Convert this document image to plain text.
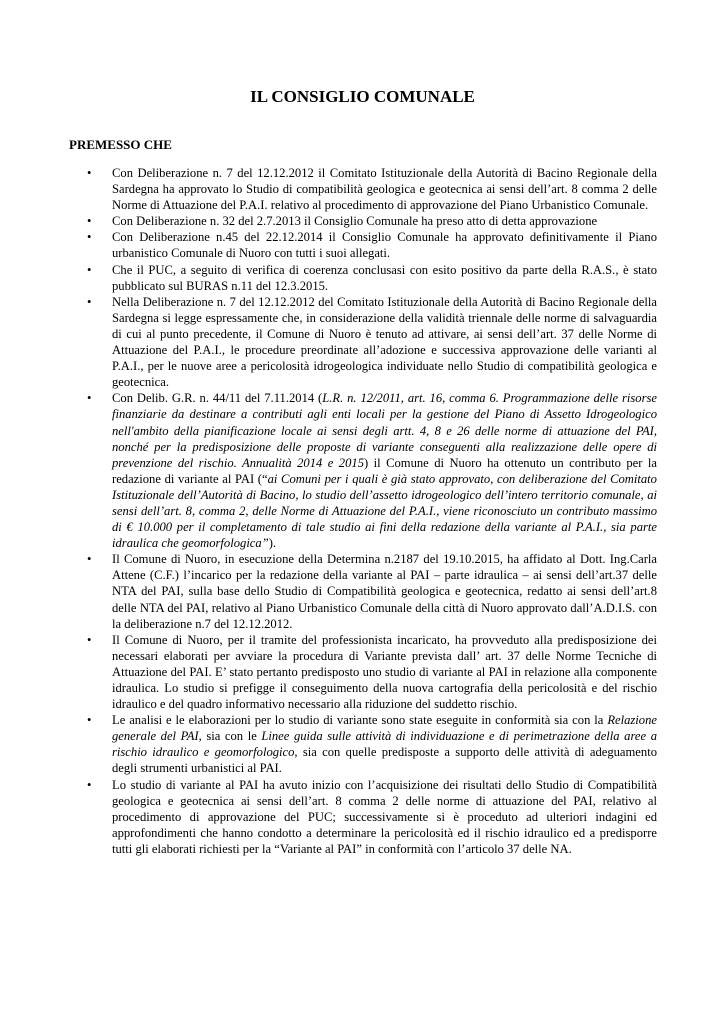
IL CONSIGLIO COMUNALE
PREMESSO CHE
• Con Deliberazione n. 7 del 12.12.2012 il Comitato Istituzionale della Autorità di Bacino Regionale della Sardegna ha approvato lo Studio di compatibilità geologica e geotecnica ai sensi dell’art. 8 comma 2 delle Norme di Attuazione del P.A.I. relativo al procedimento di approvazione del Piano Urbanistico Comunale.
• Con Deliberazione n. 32 del 2.7.2013 il Consiglio Comunale ha preso atto di detta approvazione
• Con Deliberazione n.45 del 22.12.2014 il Consiglio Comunale ha approvato definitivamente il Piano urbanistico Comunale di Nuoro con tutti i suoi allegati.
• Che il PUC, a seguito di verifica di coerenza conclusasi con esito positivo da parte della R.A.S., è stato pubblicato sul BURAS n.11 del 12.3.2015.
• Nella Deliberazione n. 7 del 12.12.2012 del Comitato Istituzionale della Autorità di Bacino Regionale della Sardegna si legge espressamente che, in considerazione della validità triennale delle norme di salvaguardia di cui al punto precedente, il Comune di Nuoro è tenuto ad attivare, ai sensi dell’art. 37 delle Norme di Attuazione del P.A.I., le procedure preordinate all’adozione e successiva approvazione delle varianti al P.A.I., per le nuove aree a pericolosità idrogeologica individuate nello Studio di compatibilità geologica e geotecnica.
• Con Delib. G.R. n. 44/11 del 7.11.2014 (L.R. n. 12/2011, art. 16, comma 6. Programmazione delle risorse finanziarie da destinare a contributi agli enti locali per la gestione del Piano di Assetto Idrogeologico nell'ambito della pianificazione locale ai sensi degli artt. 4, 8 e 26 delle norme di attuazione del PAI, nonché per la predisposizione delle proposte di variante conseguenti alla realizzazione delle opere di prevenzione del rischio. Annualità 2014 e 2015) il Comune di Nuoro ha ottenuto un contributo per la redazione di variante al PAI (“ai Comuni per i quali è già stato approvato, con deliberazione del Comitato Istituzionale dell’Autorità di Bacino, lo studio dell’assetto idrogeologico dell’intero territorio comunale, ai sensi dell’art. 8, comma 2, delle Norme di Attuazione del P.A.I., viene riconosciuto un contributo massimo di € 10.000 per il completamento di tale studio ai fini della redazione della variante al P.A.I., sia parte idraulica che geomorfologica”).
• Il Comune di Nuoro, in esecuzione della Determina n.2187 del 19.10.2015, ha affidato al Dott. Ing.Carla Attene (C.F.) l’incarico per la redazione della variante al PAI – parte idraulica – ai sensi dell’art.37 delle NTA del PAI, sulla base dello Studio di Compatibilità geologica e geotecnica, redatto ai sensi dell’art.8 delle NTA del PAI, relativo al Piano Urbanistico Comunale della città di Nuoro approvato dall’A.D.I.S. con la deliberazione n.7 del 12.12.2012.
• Il Comune di Nuoro, per il tramite del professionista incaricato, ha provveduto alla predisposizione dei necessari elaborati per avviare la procedura di Variante prevista dall’ art. 37 delle Norme Tecniche di Attuazione del PAI. E’ stato pertanto predisposto uno studio di variante al PAI in relazione alla componente idraulica. Lo studio si prefigge il conseguimento della nuova cartografia della pericolosità e del rischio idraulico e del quadro informativo necessario alla riduzione del suddetto rischio.
• Le analisi e le elaborazioni per lo studio di variante sono state eseguite in conformità sia con la Relazione generale del PAI, sia con le Linee guida sulle attività di individuazione e di perimetrazione della aree a rischio idraulico e geomorfologico, sia con quelle predisposte a supporto delle attività di adeguamento degli strumenti urbanistici al PAI.
• Lo studio di variante al PAI ha avuto inizio con l’acquisizione dei risultati dello Studio di Compatibilità geologica e geotecnica ai sensi dell’art. 8 comma 2 delle norme di attuazione del PAI, relativo al procedimento di approvazione del PUC; successivamente si è proceduto ad ulteriori indagini ed approfondimenti che hanno condotto a determinare la pericolosità ed il rischio idraulico ed a predisporre tutti gli elaborati richiesti per la “Variante al PAI” in conformità con l’articolo 37 delle NA.
